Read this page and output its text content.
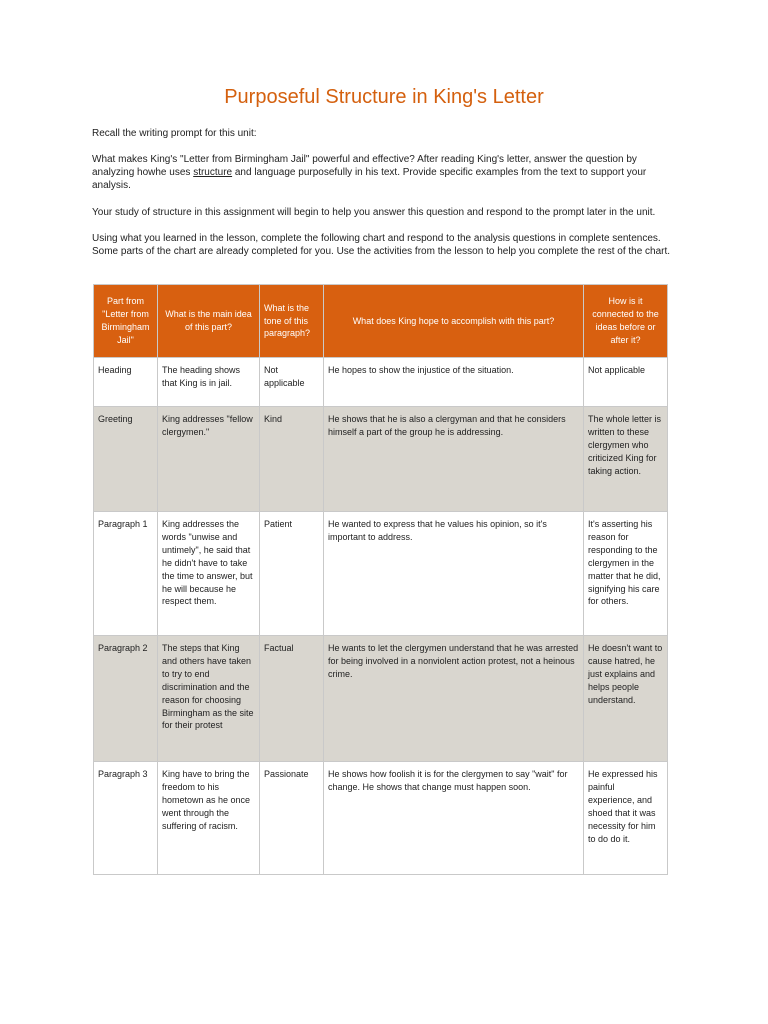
Purposeful Structure in King's Letter
Recall the writing prompt for this unit:
What makes King's "Letter from Birmingham Jail" powerful and effective? After reading King's letter, answer the question by analyzing howhe uses structure and language purposefully in his text. Provide specific examples from the text to support your analysis.
Your study of structure in this assignment will begin to help you answer this question and respond to the prompt later in the unit.
Using what you learned in the lesson, complete the following chart and respond to the analysis questions in complete sentences. Some parts of the chart are already completed for you. Use the activities from the lesson to help you complete the rest of the chart.
Part from "Letter from Birmingham Jail"	What is the main idea of this part?	What is the tone of this paragraph?	What does King hope to accomplish with this part?	How is it connected to the ideas before or after it?
Heading	The heading shows that King is in jail.	Not applicable	He hopes to show the injustice of the situation.	Not applicable
Greeting	King addresses "fellow clergymen."	Kind	He shows that he is also a clergyman and that he considers himself a part of the group he is addressing.	The whole letter is written to these clergymen who criticized King for taking action.
Paragraph 1	King addresses the words "unwise and untimely", he said that he didn't have to take the time to answer, but he will because he respect them.	Patient	He wanted to express that he values his opinion, so it's important to address.	It's asserting his reason for responding to the clergymen in the matter that he did, signifying his care for others.
Paragraph 2	The steps that King and others have taken to try to end discrimination and the reason for choosing Birmingham as the site for their protest	Factual	He wants to let the clergymen understand that he was arrested for being involved in a nonviolent action protest, not a heinous crime.	He doesn't want to cause hatred, he just explains and helps people understand.
Paragraph 3	King have to bring the freedom to his hometown as he once went through the suffering of racism.	Passionate	He shows how foolish it is for the clergymen to say "wait" for change. He shows that change must happen soon.	He expressed his painful experience, and shoed that it was necessity for him to do do it.
